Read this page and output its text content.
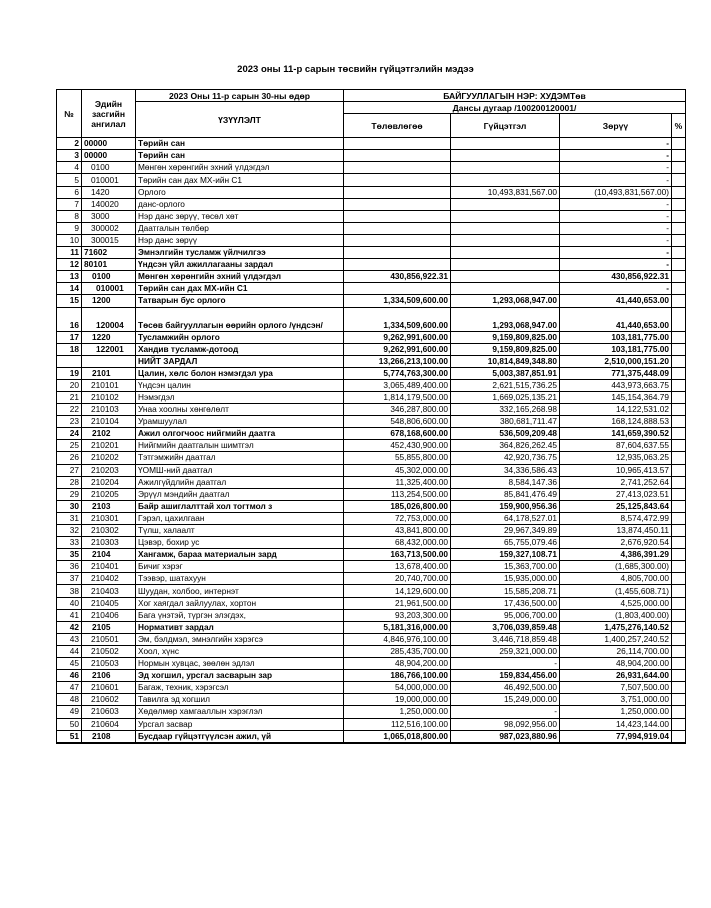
2023 оны 11-р сарын төсвийн гүйцэтгэлийн мэдээ
№	Эдийн засгийн ангилал	2023 Оны 11-р сарын 30-ны өдөр	БАЙГУУЛЛАГЫН НЭР: ХУДЭМТөв			
		ҮЗҮҮЛЭЛТ	Дансы дугаар /100200120001/			
			Төлөвлөгөө	Гүйцэтгэл	Зөрүү	%
2	00000	Төрийн сан			-	
3	00000	Төрийн сан			-	
4	0100	Мөнгөн хөрөнгийн эхний үлдэгдэл			-	
5	010001	Төрийн сан дах МХ-ийн С1			-	
6	1420	Орлого		10,493,831,567.00	(10,493,831,567.00)	
7	140020	данс-орлого			-	
8	3000	Нэр данс зөрүү, төсөл хөт			-	
9	300002	Даатгалын төлбөр			-	
10	300015	Нэр данс зөрүү			-	
11	71602	Эмнэлгийн тусламж үйлчилгээ			-	
12	80101	Үндсэн үйл ажиллагааны зардал			-	
13	0100	Мөнгөн хөрөнгийн эхний үлдэгдэл	430,856,922.31		430,856,922.31	
14	010001	Төрийн сан дах МХ-ийн С1			-	
15	1200	Татварын бус орлого	1,334,509,600.00	1,293,068,947.00	41,440,653.00	
16	120004	Төсөв байгууллагын өөрийн орлого /үндсэн/	1,334,509,600.00	1,293,068,947.00	41,440,653.00	
17	1220	Тусламжийн орлого	9,262,991,600.00	9,159,809,825.00	103,181,775.00	
18	122001	Хандив тусламж-дотоод	9,262,991,600.00	9,159,809,825.00	103,181,775.00	
		НИЙТ ЗАРДАЛ	13,266,213,100.00	10,814,849,348.80	2,510,000,151.20	
19	2101	Цалин, хөлс болон нэмэгдэл ура	5,774,763,300.00	5,003,387,851.91	771,375,448.09	
20	210101	Үндсэн цалин	3,065,489,400.00	2,621,515,736.25	443,973,663.75	
21	210102	Нэмэгдэл	1,814,179,500.00	1,669,025,135.21	145,154,364.79	
22	210103	Унаа хоолны хөнгөлөлт	346,287,800.00	332,165,268.98	14,122,531.02	
23	210104	Урамшуулал	548,806,600.00	380,681,711.47	168,124,888.53	
24	2102	Ажил олгогчоос нийгмийн даатга	678,168,600.00	536,509,209.48	141,659,390.52	
25	210201	Нийгмийн даатгалын шимтгэл	452,430,900.00	364,826,262.45	87,604,637.55	
26	210202	Тэтгэмжийн даатгал	55,855,800.00	42,920,736.75	12,935,063.25	
27	210203	ҮОМШ-ний даатгал	45,302,000.00	34,336,586.43	10,965,413.57	
28	210204	Ажилгүйдлийн даатгал	11,325,400.00	8,584,147.36	2,741,252.64	
29	210205	Эрүүл мэндийн даатгал	113,254,500.00	85,841,476.49	27,413,023.51	
30	2103	Байр ашиглалттай хол тогтмол з	185,026,800.00	159,900,956.36	25,125,843.64	
31	210301	Гэрэл, цахилгаан	72,753,000.00	64,178,527.01	8,574,472.99	
32	210302	Түлш, халаалт	43,841,800.00	29,967,349.89	13,874,450.11	
33	210303	Цэвэр, бохир ус	68,432,000.00	65,755,079.46	2,676,920.54	
35	2104	Хангамж, бараа материалын зард	163,713,500.00	159,327,108.71	4,386,391.29	
36	210401	Бичиг хэрэг	13,678,400.00	15,363,700.00	(1,685,300.00)	
37	210402	Тээвэр, шатахуун	20,740,700.00	15,935,000.00	4,805,700.00	
38	210403	Шуудан, холбоо, интернэт	14,129,600.00	15,585,208.71	(1,455,608.71)	
40	210405	Хог хаягдал зайлуулах, хортон	21,961,500.00	17,436,500.00	4,525,000.00	
41	210406	Бага үнэтэй, түргэн элэгдэх,	93,203,300.00	95,006,700.00	(1,803,400.00)	
42	2105	Нормативт зардал	5,181,316,000.00	3,706,039,859.48	1,475,276,140.52	
43	210501	Эм, бэлдмэл, эмнэлгийн хэрэгсэ	4,846,976,100.00	3,446,718,859.48	1,400,257,240.52	
44	210502	Хоол, хүнс	285,435,700.00	259,321,000.00	26,114,700.00	
45	210503	Нормын хувцас, зөөлөн эдлэл	48,904,200.00	-	48,904,200.00	
46	2106	Эд хогшил, урсгал засварын зар	186,766,100.00	159,834,456.00	26,931,644.00	
47	210601	Багаж, техник, хэрэгсэл	54,000,000.00	46,492,500.00	7,507,500.00	
48	210602	Тавилга эд хогшил	19,000,000.00	15,249,000.00	3,751,000.00	
49	210603	Хөдөлмөр хамгааллын хэрэглэл	1,250,000.00	-	1,250,000.00	
50	210604	Урсгал засвар	112,516,100.00	98,092,956.00	14,423,144.00	
51	2108	Бусдаар гүйцэтгүүлсэн ажил, үй	1,065,018,800.00	987,023,880.96	77,994,919.04	
